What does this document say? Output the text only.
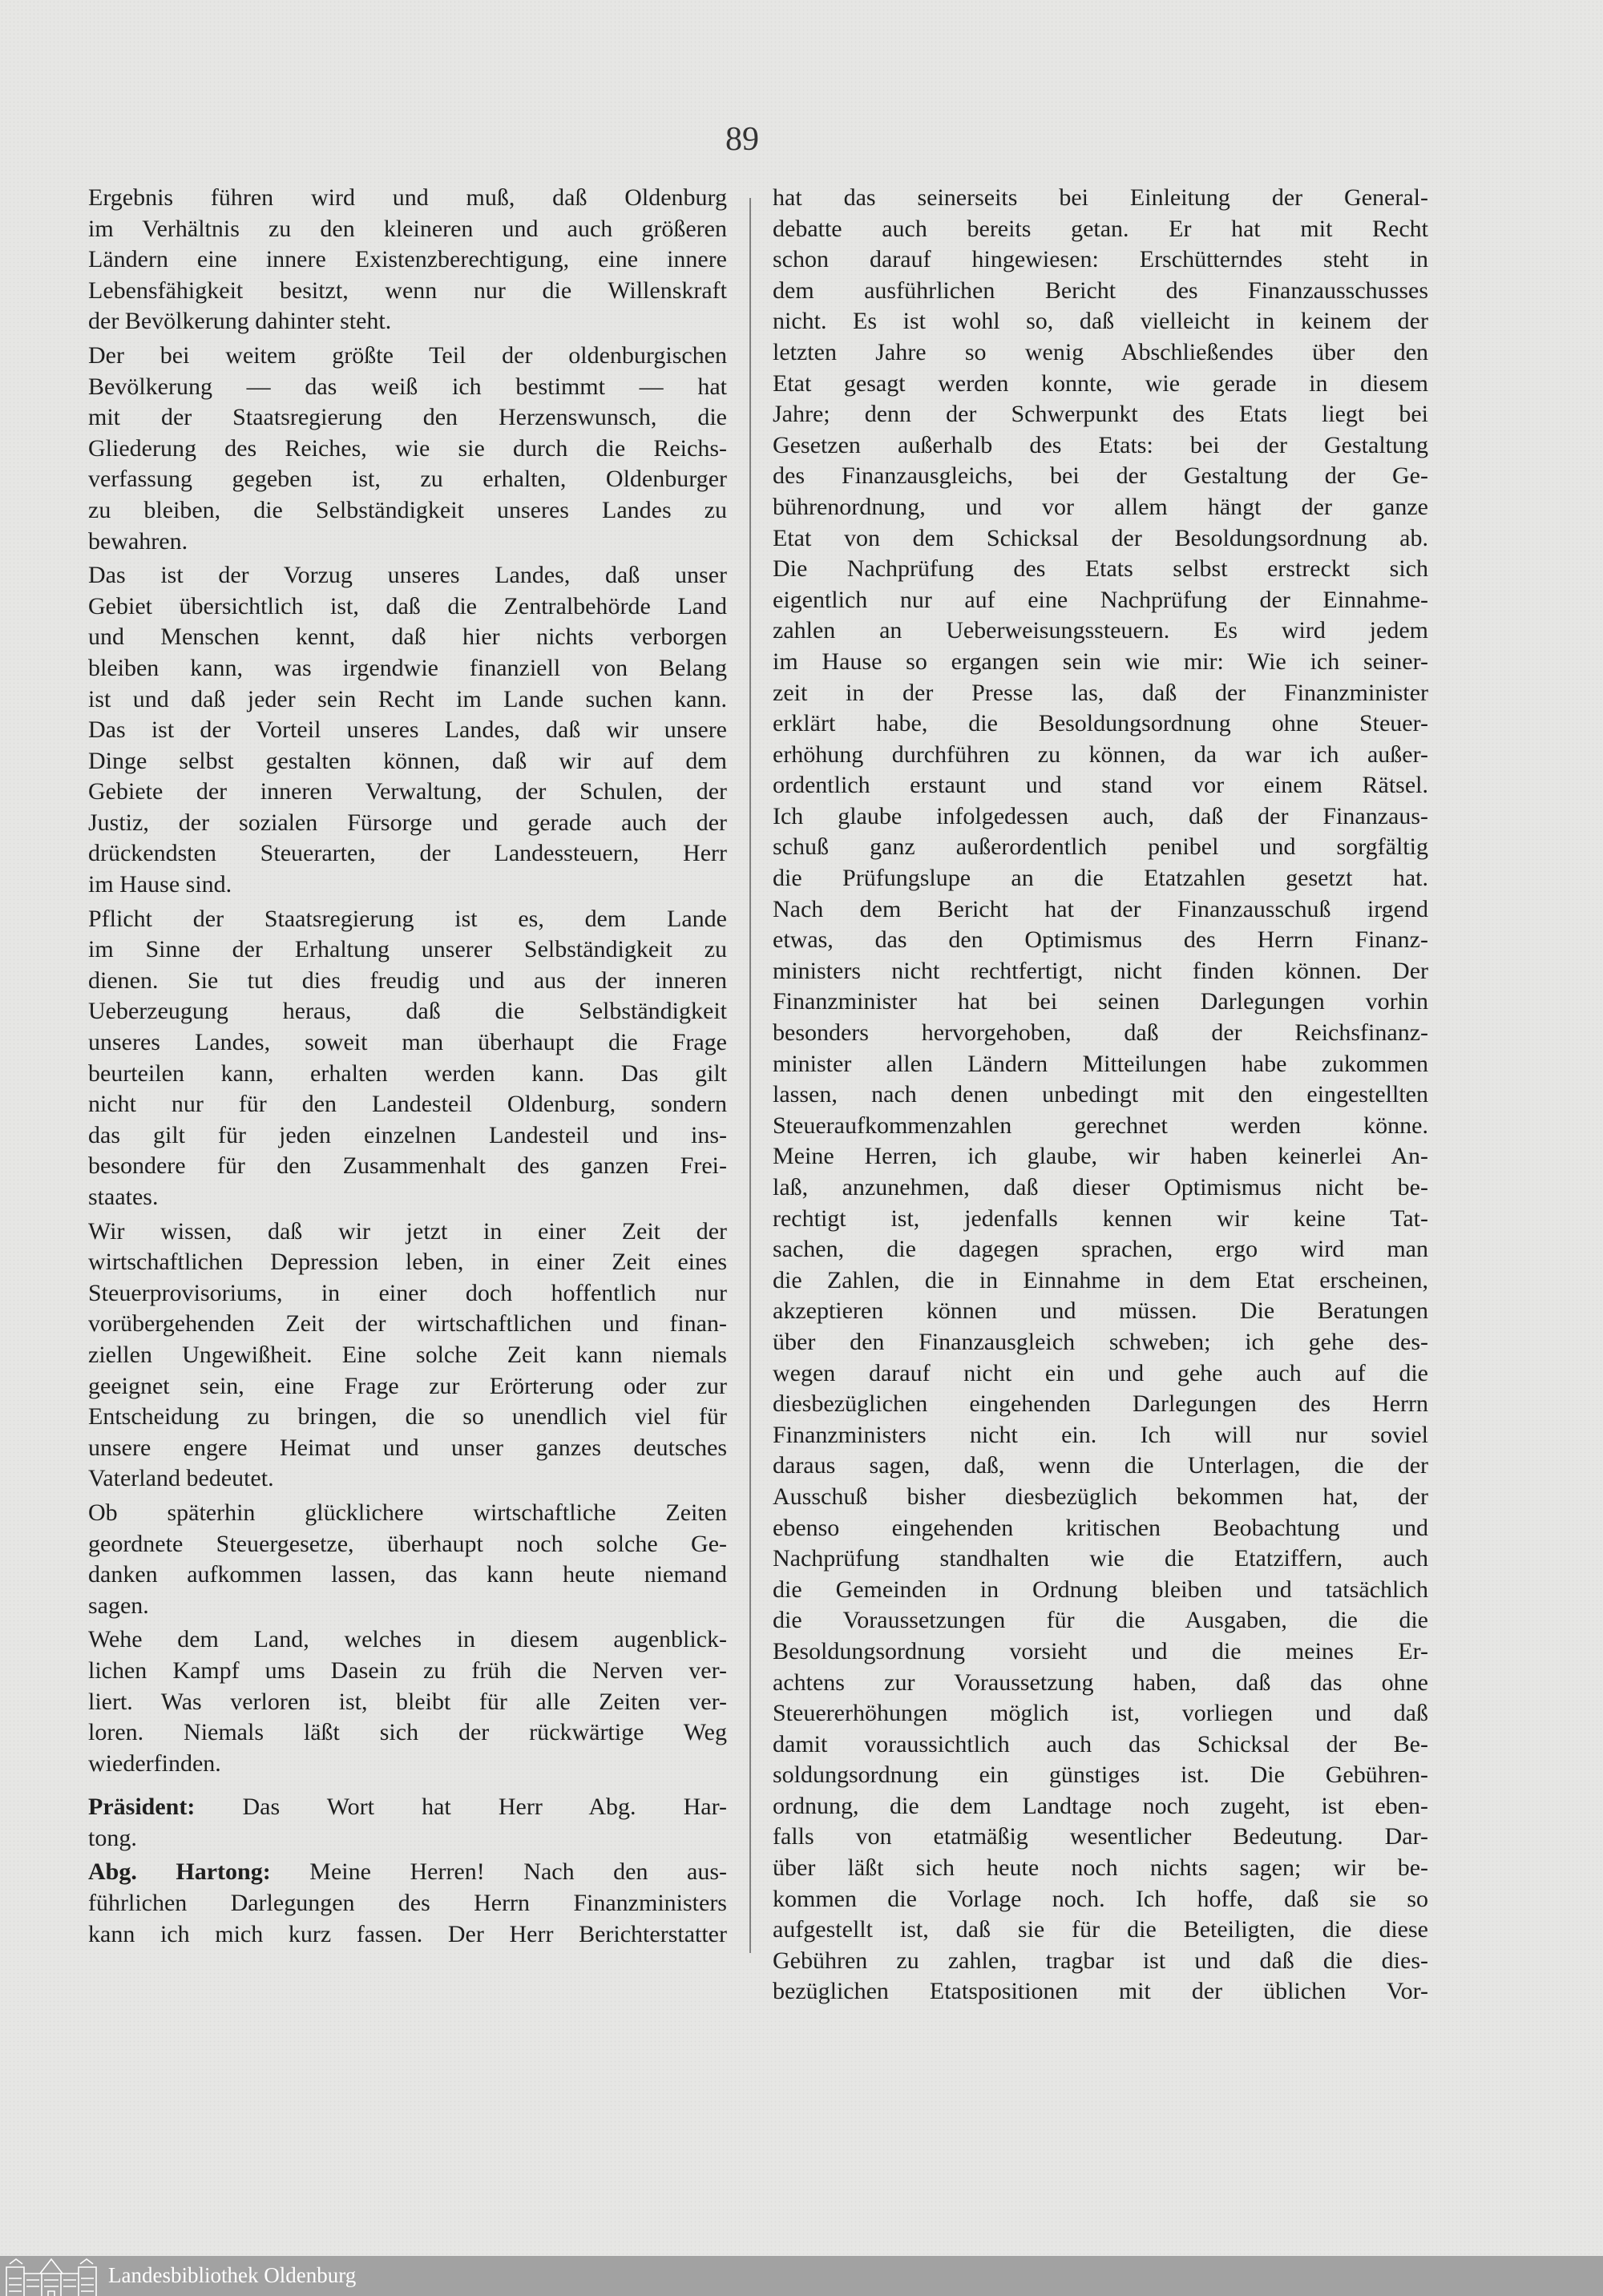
89
Ergebnis führen wird und muß, daß Oldenburg
im Verhältnis zu den kleineren und auch größeren
Ländern eine innere Existenzberechtigung, eine innere
Lebensfähigkeit besitzt, wenn nur die Willenskraft
der Bevölkerung dahinter steht.
Der bei weitem größte Teil der oldenburgischen
Bevölkerung — das weiß ich bestimmt — hat
mit der Staatsregierung den Herzenswunsch, die
Gliederung des Reiches, wie sie durch die Reichs-
verfassung gegeben ist, zu erhalten, Oldenburger
zu bleiben, die Selbständigkeit unseres Landes zu
bewahren.
Das ist der Vorzug unseres Landes, daß unser
Gebiet übersichtlich ist, daß die Zentralbehörde Land
und Menschen kennt, daß hier nichts verborgen
bleiben kann, was irgendwie finanziell von Belang
ist und daß jeder sein Recht im Lande suchen kann.
Das ist der Vorteil unseres Landes, daß wir unsere
Dinge selbst gestalten können, daß wir auf dem
Gebiete der inneren Verwaltung, der Schulen, der
Justiz, der sozialen Fürsorge und gerade auch der
drückendsten Steuerarten, der Landessteuern, Herr
im Hause sind.
Pflicht der Staatsregierung ist es, dem Lande
im Sinne der Erhaltung unserer Selbständigkeit zu
dienen. Sie tut dies freudig und aus der inneren
Ueberzeugung heraus, daß die Selbständigkeit
unseres Landes, soweit man überhaupt die Frage
beurteilen kann, erhalten werden kann. Das gilt
nicht nur für den Landesteil Oldenburg, sondern
das gilt für jeden einzelnen Landesteil und ins-
besondere für den Zusammenhalt des ganzen Frei-
staates.
Wir wissen, daß wir jetzt in einer Zeit der
wirtschaftlichen Depression leben, in einer Zeit eines
Steuerprovisoriums, in einer doch hoffentlich nur
vorübergehenden Zeit der wirtschaftlichen und finan-
ziellen Ungewißheit. Eine solche Zeit kann niemals
geeignet sein, eine Frage zur Erörterung oder zur
Entscheidung zu bringen, die so unendlich viel für
unsere engere Heimat und unser ganzes deutsches
Vaterland bedeutet.
Ob späterhin glücklichere wirtschaftliche Zeiten
geordnete Steuergesetze, überhaupt noch solche Ge-
danken aufkommen lassen, das kann heute niemand
sagen.
Wehe dem Land, welches in diesem augenblick-
lichen Kampf ums Dasein zu früh die Nerven ver-
liert. Was verloren ist, bleibt für alle Zeiten ver-
loren. Niemals läßt sich der rückwärtige Weg
wiederfinden.
Präsident: Das Wort hat Herr Abg. Har-
tong.
Abg. Hartong: Meine Herren! Nach den aus-
führlichen Darlegungen des Herrn Finanzministers
kann ich mich kurz fassen. Der Herr Berichterstatter
hat das seinerseits bei Einleitung der General-
debatte auch bereits getan. Er hat mit Recht
schon darauf hingewiesen: Erschütterndes steht in
dem ausführlichen Bericht des Finanzausschusses
nicht. Es ist wohl so, daß vielleicht in keinem der
letzten Jahre so wenig Abschließendes über den
Etat gesagt werden konnte, wie gerade in diesem
Jahre; denn der Schwerpunkt des Etats liegt bei
Gesetzen außerhalb des Etats: bei der Gestaltung
des Finanzausgleichs, bei der Gestaltung der Ge-
bührenordnung, und vor allem hängt der ganze
Etat von dem Schicksal der Besoldungsordnung ab.
Die Nachprüfung des Etats selbst erstreckt sich
eigentlich nur auf eine Nachprüfung der Einnahme-
zahlen an Ueberweisungssteuern. Es wird jedem
im Hause so ergangen sein wie mir: Wie ich seiner-
zeit in der Presse las, daß der Finanzminister
erklärt habe, die Besoldungsordnung ohne Steuer-
erhöhung durchführen zu können, da war ich außer-
ordentlich erstaunt und stand vor einem Rätsel.
Ich glaube infolgedessen auch, daß der Finanzaus-
schuß ganz außerordentlich penibel und sorgfältig
die Prüfungslupe an die Etatzahlen gesetzt hat.
Nach dem Bericht hat der Finanzausschuß irgend
etwas, das den Optimismus des Herrn Finanz-
ministers nicht rechtfertigt, nicht finden können. Der
Finanzminister hat bei seinen Darlegungen vorhin
besonders hervorgehoben, daß der Reichsfinanz-
minister allen Ländern Mitteilungen habe zukommen
lassen, nach denen unbedingt mit den eingestellten
Steueraufkommenzahlen gerechnet werden könne.
Meine Herren, ich glaube, wir haben keinerlei An-
laß, anzunehmen, daß dieser Optimismus nicht be-
rechtigt ist, jedenfalls kennen wir keine Tat-
sachen, die dagegen sprachen, ergo wird man
die Zahlen, die in Einnahme in dem Etat erscheinen,
akzeptieren können und müssen. Die Beratungen
über den Finanzausgleich schweben; ich gehe des-
wegen darauf nicht ein und gehe auch auf die
diesbezüglichen eingehenden Darlegungen des Herrn
Finanzministers nicht ein. Ich will nur soviel
daraus sagen, daß, wenn die Unterlagen, die der
Ausschuß bisher diesbezüglich bekommen hat, der
ebenso eingehenden kritischen Beobachtung und
Nachprüfung standhalten wie die Etatziffern, auch
die Gemeinden in Ordnung bleiben und tatsächlich
die Voraussetzungen für die Ausgaben, die die
Besoldungsordnung vorsieht und die meines Er-
achtens zur Voraussetzung haben, daß das ohne
Steuererhöhungen möglich ist, vorliegen und daß
damit voraussichtlich auch das Schicksal der Be-
soldungsordnung ein günstiges ist. Die Gebühren-
ordnung, die dem Landtage noch zugeht, ist eben-
falls von etatmäßig wesentlicher Bedeutung. Dar-
über läßt sich heute noch nichts sagen; wir be-
kommen die Vorlage noch. Ich hoffe, daß sie so
aufgestellt ist, daß sie für die Beteiligten, die diese
Gebühren zu zahlen, tragbar ist und daß die dies-
bezüglichen Etatspositionen mit der üblichen Vor-
Landesbibliothek Oldenburg
